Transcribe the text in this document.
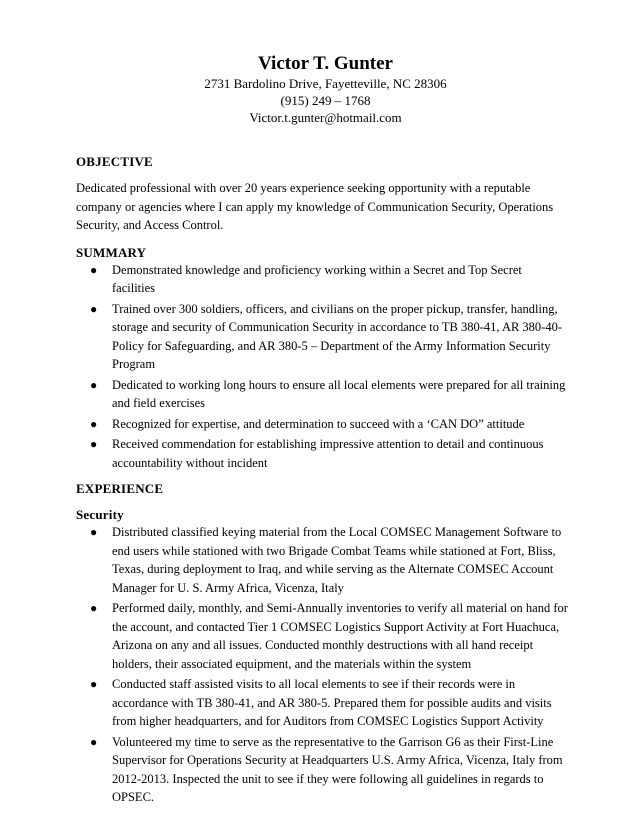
Victor T. Gunter
2731 Bardolino Drive, Fayetteville, NC 28306
(915) 249 – 1768
Victor.t.gunter@hotmail.com
OBJECTIVE

Dedicated professional with over 20 years experience seeking opportunity with a reputable company or agencies where I can apply my knowledge of Communication Security, Operations Security, and Access Control.

SUMMARY
● Demonstrated knowledge and proficiency working within a Secret and Top Secret facilities
● Trained over 300 soldiers, officers, and civilians on the proper pickup, transfer, handling, storage and security of Communication Security in accordance to TB 380-41, AR 380-40- Policy for Safeguarding, and AR 380-5 – Department of the Army Information Security Program
● Dedicated to working long hours to ensure all local elements were prepared for all training and field exercises
● Recognized for expertise, and determination to succeed with a ‘CAN DO” attitude
● Received commendation for establishing impressive attention to detail and continuous accountability without incident
EXPERIENCE
Security
● Distributed classified keying material from the Local COMSEC Management Software to end users while stationed with two Brigade Combat Teams while stationed at Fort, Bliss, Texas, during deployment to Iraq, and while serving as the Alternate COMSEC Account Manager for U. S. Army Africa, Vicenza, Italy
● Performed daily, monthly, and Semi-Annually inventories to verify all material on hand for the account, and contacted Tier 1 COMSEC Logistics Support Activity at Fort Huachuca, Arizona on any and all issues. Conducted monthly destructions with all hand receipt holders, their associated equipment, and the materials within the system
● Conducted staff assisted visits to all local elements to see if their records were in accordance with TB 380-41, and AR 380-5. Prepared them for possible audits and visits from higher headquarters, and for Auditors from COMSEC Logistics Support Activity
● Volunteered my time to serve as the representative to the Garrison G6 as their First-Line Supervisor for Operations Security at Headquarters U.S. Army Africa, Vicenza, Italy from 2012-2013. Inspected the unit to see if they were following all guidelines in regards to OPSEC.
